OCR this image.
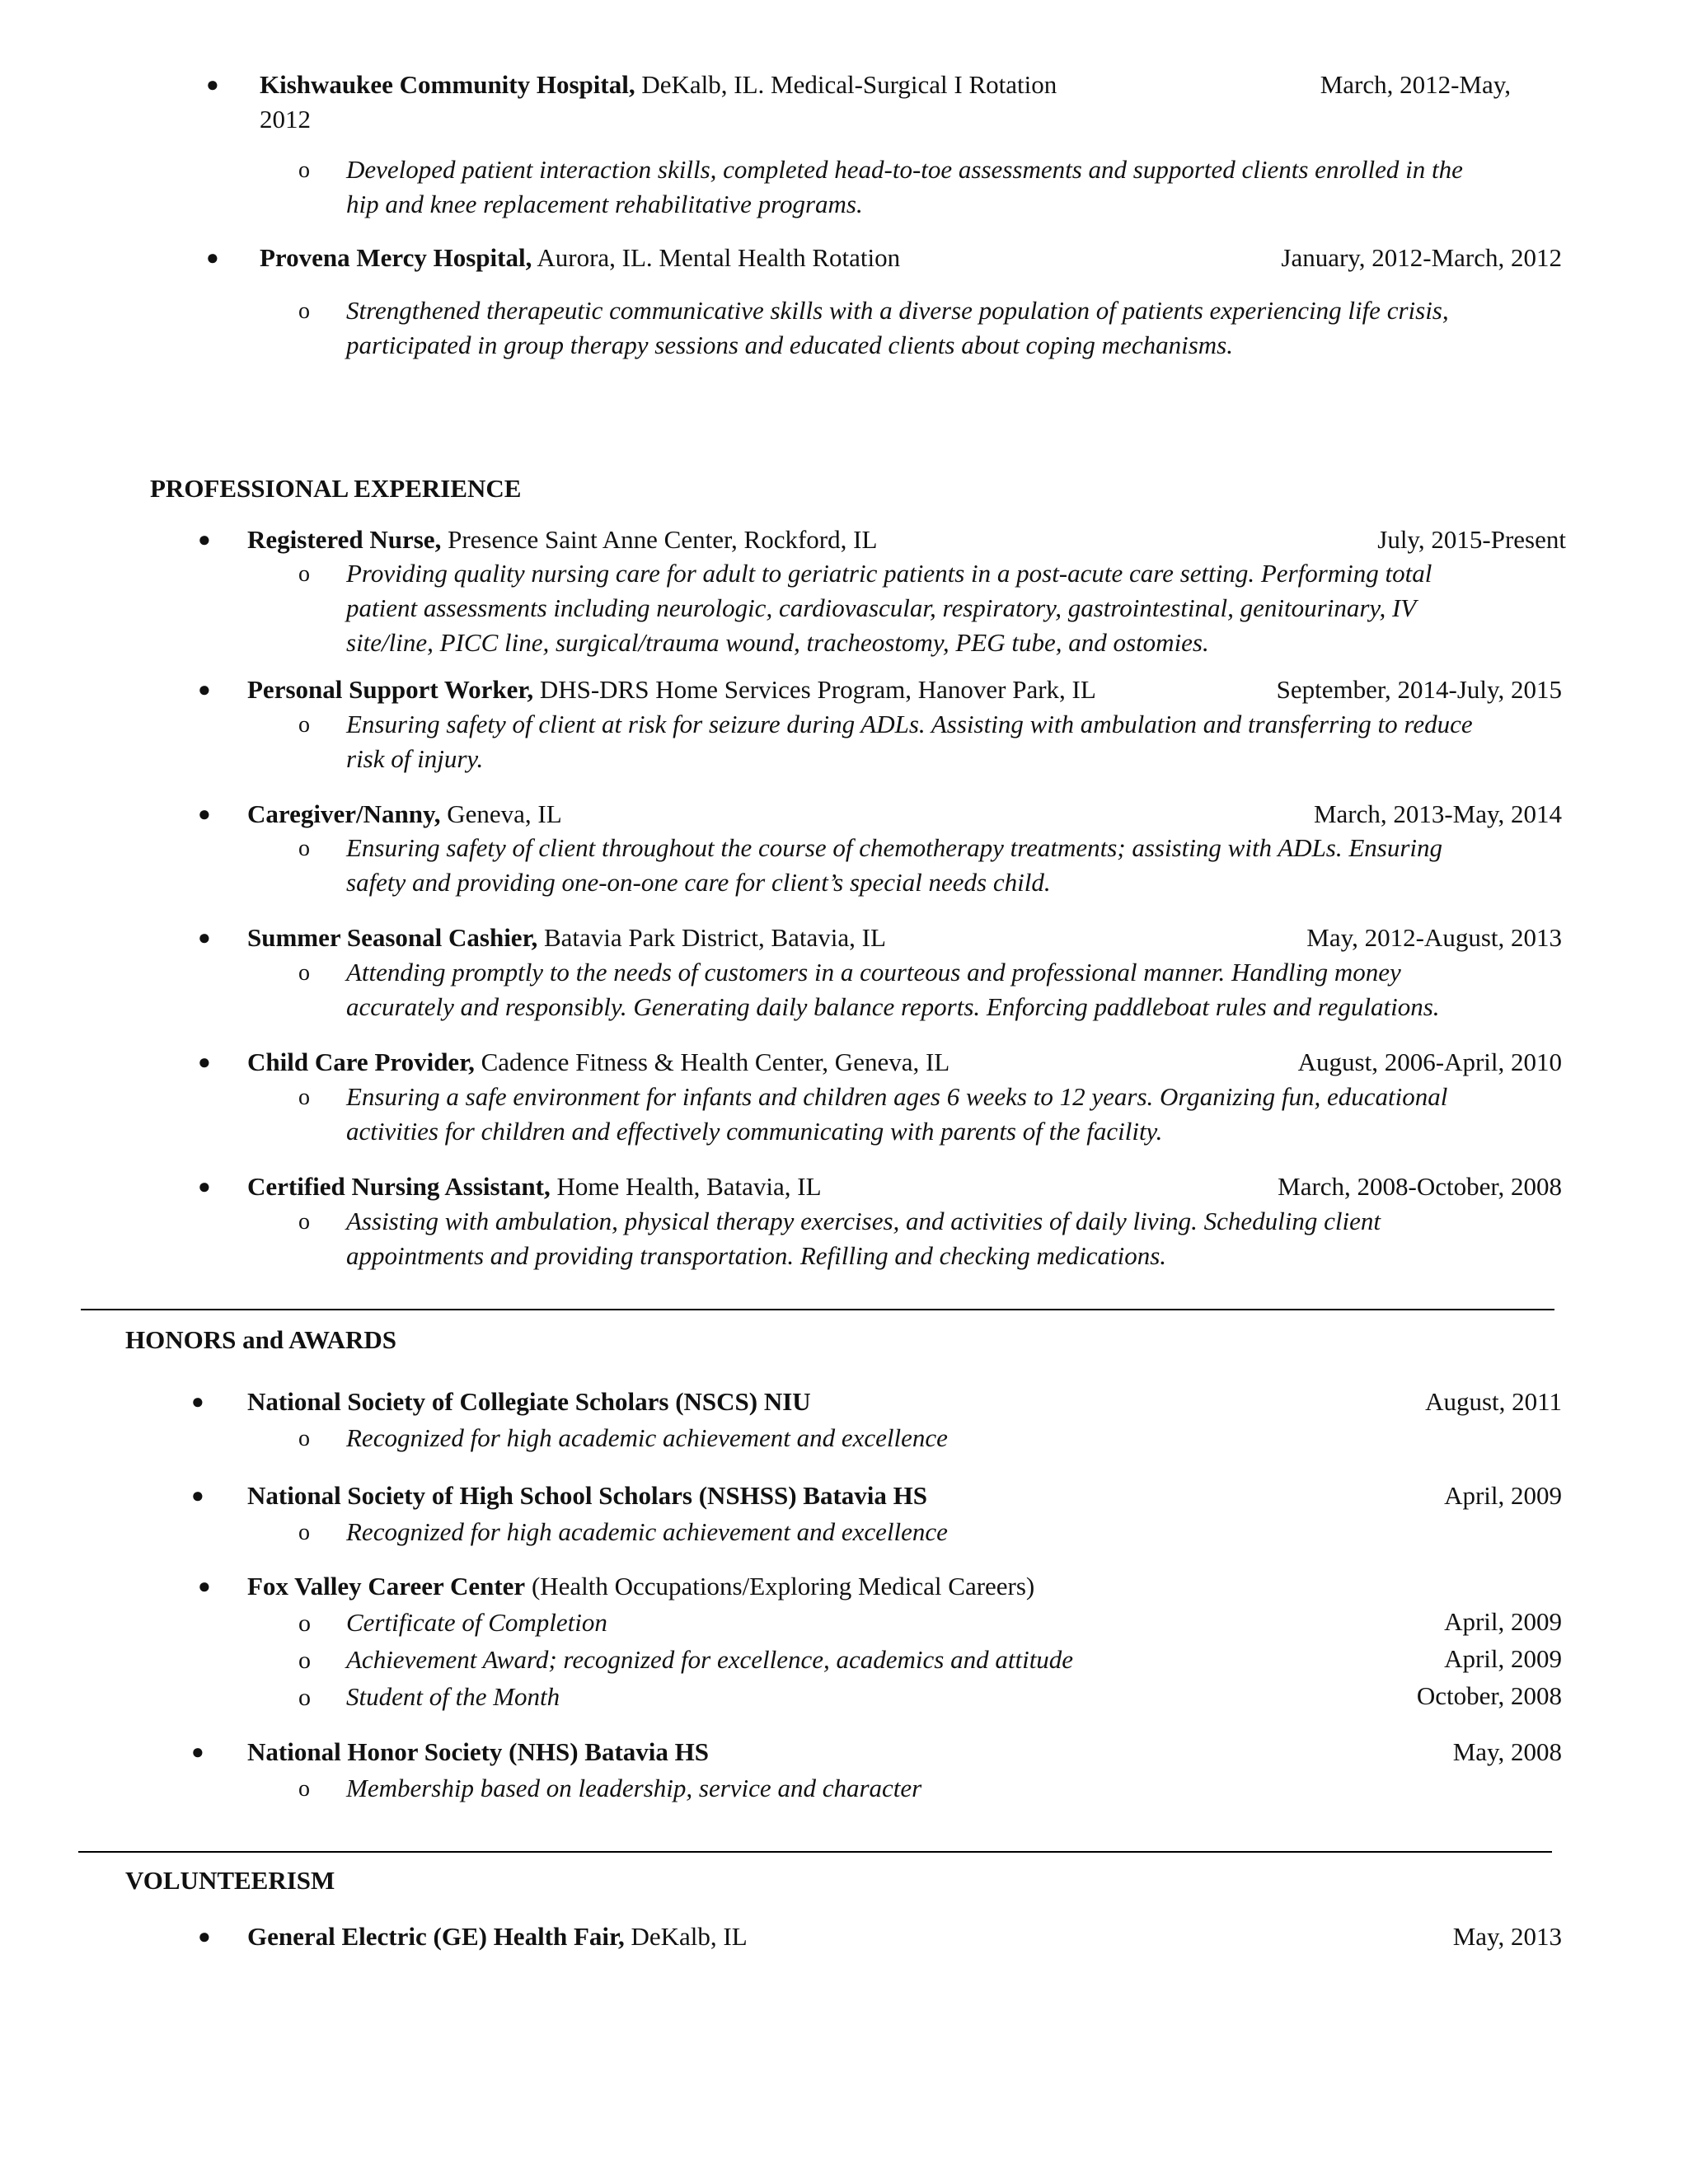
● Kishwaukee Community Hospital, DeKalb, IL. Medical-Surgical I Rotation	March, 2012-May,
2012
o Developed patient interaction skills, completed head-to-toe assessments and supported clients enrolled in the
hip and knee replacement rehabilitative programs.
● Provena Mercy Hospital, Aurora, IL. Mental Health Rotation	January, 2012-March, 2012
o Strengthened therapeutic communicative skills with a diverse population of patients experiencing life crisis,
participated in group therapy sessions and educated clients about coping mechanisms.
PROFESSIONAL EXPERIENCE
● Registered Nurse, Presence Saint Anne Center, Rockford, IL	July, 2015-Present
o Providing quality nursing care for adult to geriatric patients in a post-acute care setting. Performing total
patient assessments including neurologic, cardiovascular, respiratory, gastrointestinal, genitourinary, IV
site/line, PICC line, surgical/trauma wound, tracheostomy, PEG tube, and ostomies.
● Personal Support Worker, DHS-DRS Home Services Program, Hanover Park, IL	September, 2014-July, 2015
o Ensuring safety of client at risk for seizure during ADLs. Assisting with ambulation and transferring to reduce
risk of injury.
● Caregiver/Nanny, Geneva, IL	March, 2013-May, 2014
o Ensuring safety of client throughout the course of chemotherapy treatments; assisting with ADLs. Ensuring
safety and providing one-on-one care for client’s special needs child.
● Summer Seasonal Cashier, Batavia Park District, Batavia, IL	May, 2012-August, 2013
o Attending promptly to the needs of customers in a courteous and professional manner. Handling money
accurately and responsibly. Generating daily balance reports. Enforcing paddleboat rules and regulations.
● Child Care Provider, Cadence Fitness & Health Center, Geneva, IL	August, 2006-April, 2010
o Ensuring a safe environment for infants and children ages 6 weeks to 12 years. Organizing fun, educational
activities for children and effectively communicating with parents of the facility.
● Certified Nursing Assistant, Home Health, Batavia, IL	March, 2008-October, 2008
o Assisting with ambulation, physical therapy exercises, and activities of daily living. Scheduling client
appointments and providing transportation. Refilling and checking medications.
HONORS and AWARDS
● National Society of Collegiate Scholars (NSCS) NIU	August, 2011
o Recognized for high academic achievement and excellence
● National Society of High School Scholars (NSHSS) Batavia HS	April, 2009
o Recognized for high academic achievement and excellence
● Fox Valley Career Center (Health Occupations/Exploring Medical Careers)
o Certificate of Completion	April, 2009
o Achievement Award; recognized for excellence, academics and attitude	April, 2009
o Student of the Month	October, 2008
● National Honor Society (NHS) Batavia HS	May, 2008
o Membership based on leadership, service and character
VOLUNTEERISM
● General Electric (GE) Health Fair, DeKalb, IL	May, 2013
